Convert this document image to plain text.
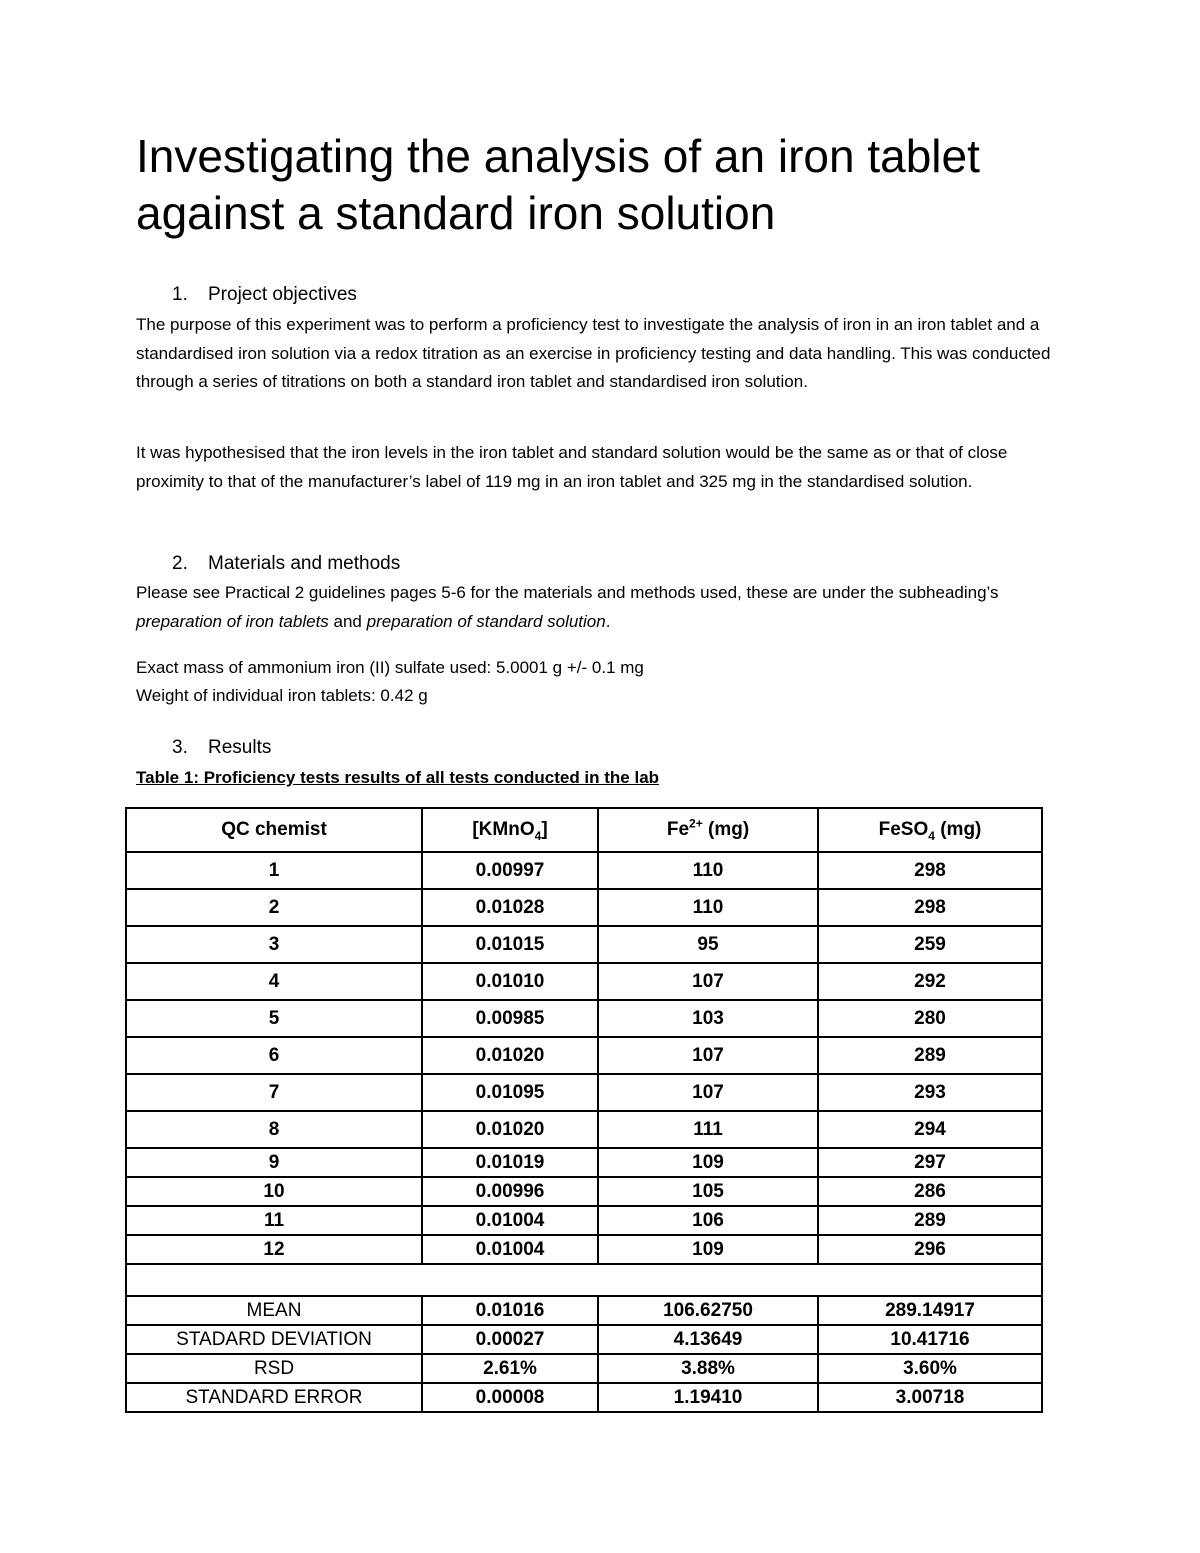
Investigating the analysis of an iron tablet
against a standard iron solution
1. Project objectives

The purpose of this experiment was to perform a proficiency test to investigate the analysis of iron in an iron tablet and a standardised iron solution via a redox titration as an exercise in proficiency testing and data handling. This was conducted through a series of titrations on both a standard iron tablet and standardised iron solution.

It was hypothesised that the iron levels in the iron tablet and standard solution would be the same as or that of close proximity to that of the manufacturer’s label of 119 mg in an iron tablet and 325 mg in the standardised solution.

2. Materials and methods

Please see Practical 2 guidelines pages 5-6 for the materials and methods used, these are under the subheading’s preparation of iron tablets and preparation of standard solution.

Exact mass of ammonium iron (II) sulfate used: 5.0001 g +/- 0.1 mg

Weight of individual iron tablets: 0.42 g

3. Results

Table 1: Proficiency tests results of all tests conducted in the lab

QC chemist	[KMnO$_4$]	$Fe^{2+}$ (mg)	FeSO$_4$ (mg)
1	0.00997	110	298
2	0.01028	110	298
3	0.01015	95	259
4	0.01010	107	292
5	0.00985	103	280
6	0.01020	107	289
7	0.01095	107	293
8	0.01020	111	294
9	0.01019	109	297
10	0.00996	105	286
11	0.01004	106	289
12	0.01004	109	296

MEAN	0.01016	106.62750	289.14917
STADARD DEVIATION	0.00027	4.13649	10.41716
RSD	2.61%	3.88%	3.60%
STANDARD ERROR	0.00008	1.19410	3.00718
